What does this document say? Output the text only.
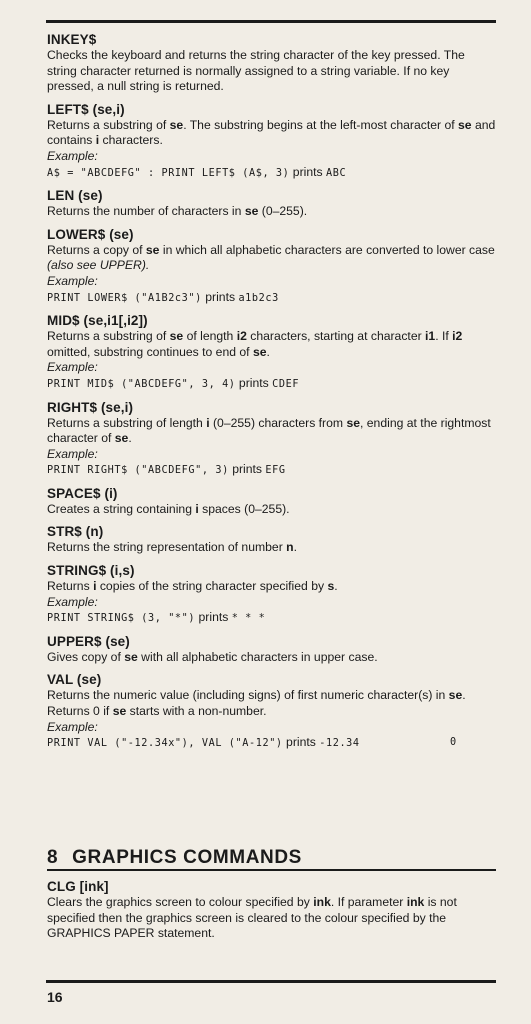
INKEY$

Checks the keyboard and returns the string character of the key pressed. The string character returned is normally assigned to a string variable. If no key pressed, a null string is returned.

LEFT$ (se,i)

Returns a substring of se. The substring begins at the left-most character of se and contains i characters.

Example:

A$ = "ABCDEFG" : PRINT LEFT$ (A$, 3) prints ABC

LEN (se)

Returns the number of characters in se (0–255).

LOWER$ (se)

Returns a copy of se in which all alphabetic characters are converted to lower case (also see UPPER).

Example:

PRINT LOWER$ ("A1B2c3") prints a1b2c3

MID$ (se,i1[,i2])

Returns a substring of se of length i2 characters, starting at character i1. If i2 omitted, substring continues to end of se.

Example:

PRINT MID$ ("ABCDEFG", 3, 4) prints CDEF

RIGHT$ (se,i)

Returns a substring of length i (0–255) characters from se, ending at the rightmost character of se.

Example:

PRINT RIGHT$ ("ABCDEFG", 3) prints EFG

SPACE$ (i)

Creates a string containing i spaces (0–255).

STR$ (n)

Returns the string representation of number n.

STRING$ (i,s)

Returns i copies of the string character specified by s.

Example:

PRINT STRING$ (3, "*") prints * * *

UPPER$ (se)

Gives copy of se with all alphabetic characters in upper case.

VAL (se)

Returns the numeric value (including signs) of first numeric character(s) in se. Returns 0 if se starts with a non-number.

Example:

PRINT VAL ("-12.34x"), VAL ("A-12") prints -12.34	0

8 GRAPHICS COMMANDS

CLG [ink]

Clears the graphics screen to colour specified by ink. If parameter ink is not specified then the graphics screen is cleared to the colour specified by the GRAPHICS PAPER statement.

16
